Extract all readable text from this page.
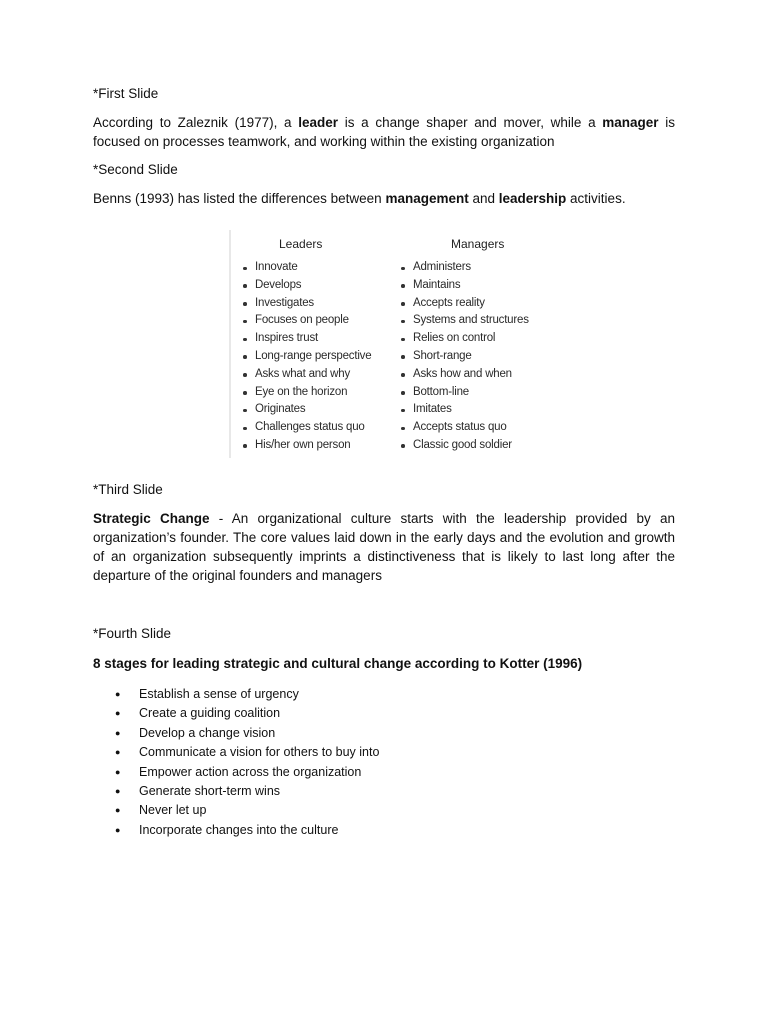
*First Slide

According to Zaleznik (1977), a leader is a change shaper and mover, while a manager is focused on processes teamwork, and working within the existing organization

*Second Slide

Benns (1993) has listed the differences between management and leadership activities.

Leaders
Innovate
Develops
Investigates
Focuses on people
Inspires trust
Long-range perspective
Asks what and why
Eye on the horizon
Originates
Challenges status quo
His/her own person
Managers
Administers
Maintains
Accepts reality
Systems and structures
Relies on control
Short-range
Asks how and when
Bottom-line
Imitates
Accepts status quo
Classic good soldier

*Third Slide

Strategic Change - An organizational culture starts with the leadership provided by an organization’s founder. The core values laid down in the early days and the evolution and growth of an organization subsequently imprints a distinctiveness that is likely to last long after the departure of the original founders and managers

*Fourth Slide

8 stages for leading strategic and cultural change according to Kotter (1996)

● Establish a sense of urgency
● Create a guiding coalition
● Develop a change vision
● Communicate a vision for others to buy into
● Empower action across the organization
● Generate short-term wins
● Never let up
● Incorporate changes into the culture
